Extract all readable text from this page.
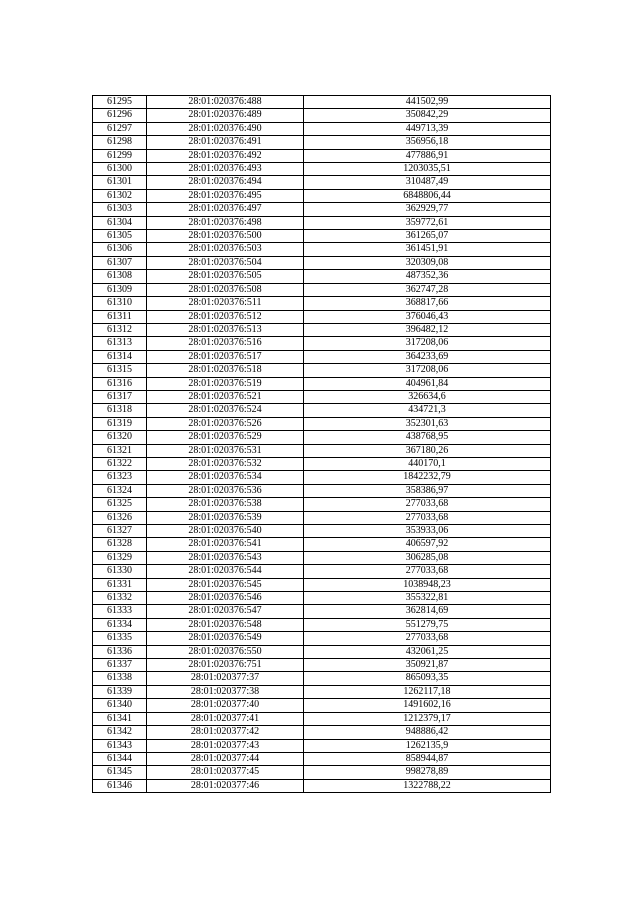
61295	28:01:020376:488	441502,99
61296	28:01:020376:489	350842,29
61297	28:01:020376:490	449713,39
61298	28:01:020376:491	356956,18
61299	28:01:020376:492	477886,91
61300	28:01:020376:493	1203035,51
61301	28:01:020376:494	310487,49
61302	28:01:020376:495	6848806,44
61303	28:01:020376:497	362929,77
61304	28:01:020376:498	359772,61
61305	28:01:020376:500	361265,07
61306	28:01:020376:503	361451,91
61307	28:01:020376:504	320309,08
61308	28:01:020376:505	487352,36
61309	28:01:020376:508	362747,28
61310	28:01:020376:511	368817,66
61311	28:01:020376:512	376046,43
61312	28:01:020376:513	396482,12
61313	28:01:020376:516	317208,06
61314	28:01:020376:517	364233,69
61315	28:01:020376:518	317208,06
61316	28:01:020376:519	404961,84
61317	28:01:020376:521	326634,6
61318	28:01:020376:524	434721,3
61319	28:01:020376:526	352301,63
61320	28:01:020376:529	438768,95
61321	28:01:020376:531	367180,26
61322	28:01:020376:532	440170,1
61323	28:01:020376:534	1842232,79
61324	28:01:020376:536	358386,97
61325	28:01:020376:538	277033,68
61326	28:01:020376:539	277033,68
61327	28:01:020376:540	353933,06
61328	28:01:020376:541	406597,92
61329	28:01:020376:543	306285,08
61330	28:01:020376:544	277033,68
61331	28:01:020376:545	1038948,23
61332	28:01:020376:546	355322,81
61333	28:01:020376:547	362814,69
61334	28:01:020376:548	551279,75
61335	28:01:020376:549	277033,68
61336	28:01:020376:550	432061,25
61337	28:01:020376:751	350921,87
61338	28:01:020377:37	865093,35
61339	28:01:020377:38	1262117,18
61340	28:01:020377:40	1491602,16
61341	28:01:020377:41	1212379,17
61342	28:01:020377:42	948886,42
61343	28:01:020377:43	1262135,9
61344	28:01:020377:44	858944,87
61345	28:01:020377:45	998278,89
61346	28:01:020377:46	1322788,22
